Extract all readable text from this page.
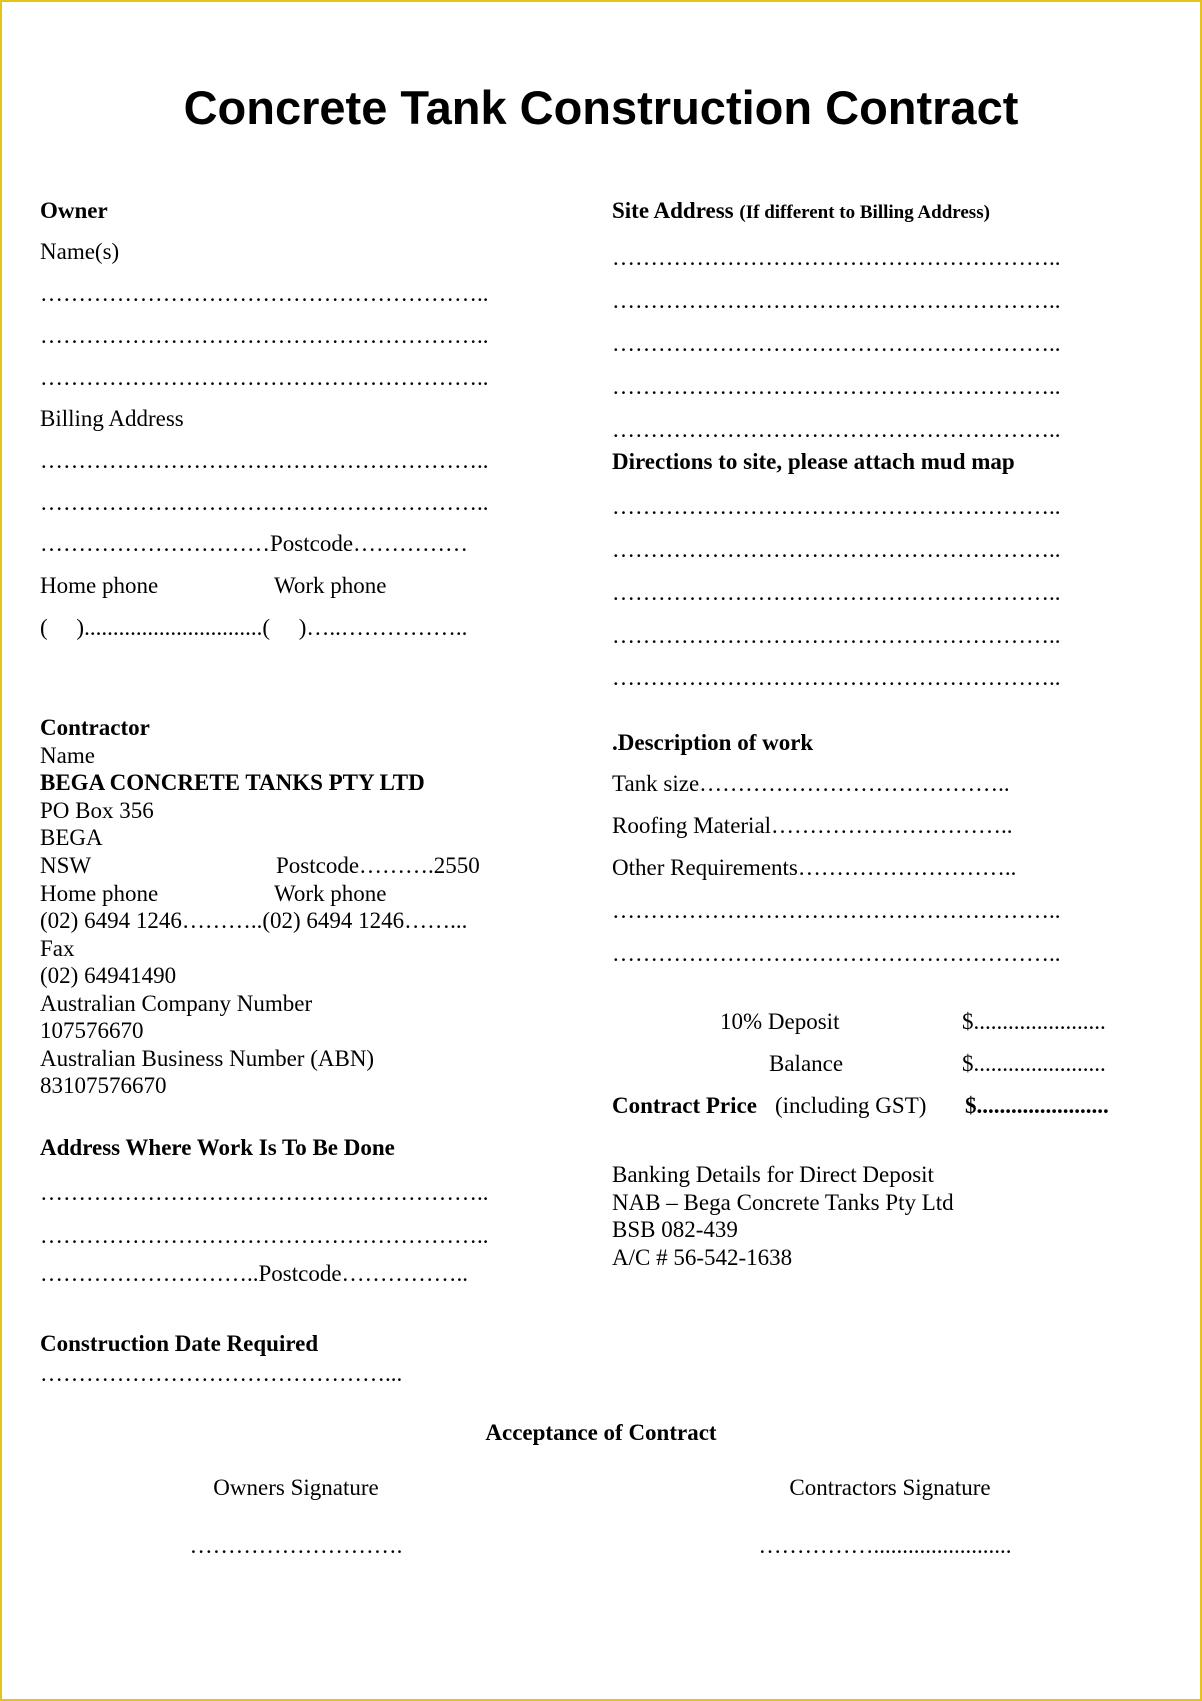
Concrete Tank Construction Contract
Owner
Name(s)
…………………………………………………..
…………………………………………………..
…………………………………………………..
Billing Address
…………………………………………………..
…………………………………………………..
…………………………Postcode……………
Home phone	Work phone
(     )...............................(     )…..……………..
Site Address (If different to Billing Address)
…………………………………………………..
…………………………………………………..
…………………………………………………..
…………………………………………………..
…………………………………………………..
Directions to site, please attach mud map
…………………………………………………..
…………………………………………………..
…………………………………………………..
…………………………………………………..
…………………………………………………..
Contractor
Name
BEGA CONCRETE TANKS PTY LTD
PO Box 356
BEGA
NSW	Postcode……….2550
Home phone	Work phone
(02) 6494 1246………..(02) 6494 1246……...
Fax
(02) 64941490
Australian Company Number
107576670
Australian Business Number (ABN)
83107576670
.Description of work
Tank size…………………………………..
Roofing Material…………………………..
Other Requirements………………………..
…………………………………………………..
…………………………………………………..
10% Deposit	$.......................
Balance	$.......................
Contract Price (including GST) $.......................
Banking Details for Direct Deposit
NAB – Bega Concrete Tanks Pty Ltd
BSB 082-439
A/C # 56-542-1638
Address Where Work Is To Be Done
…………………………………………………..
…………………………………………………..
………………………..Postcode……………..
Construction Date Required
………………………………………...
Acceptance of Contract
Owners Signature
……………………….
Contractors Signature
……………........................
